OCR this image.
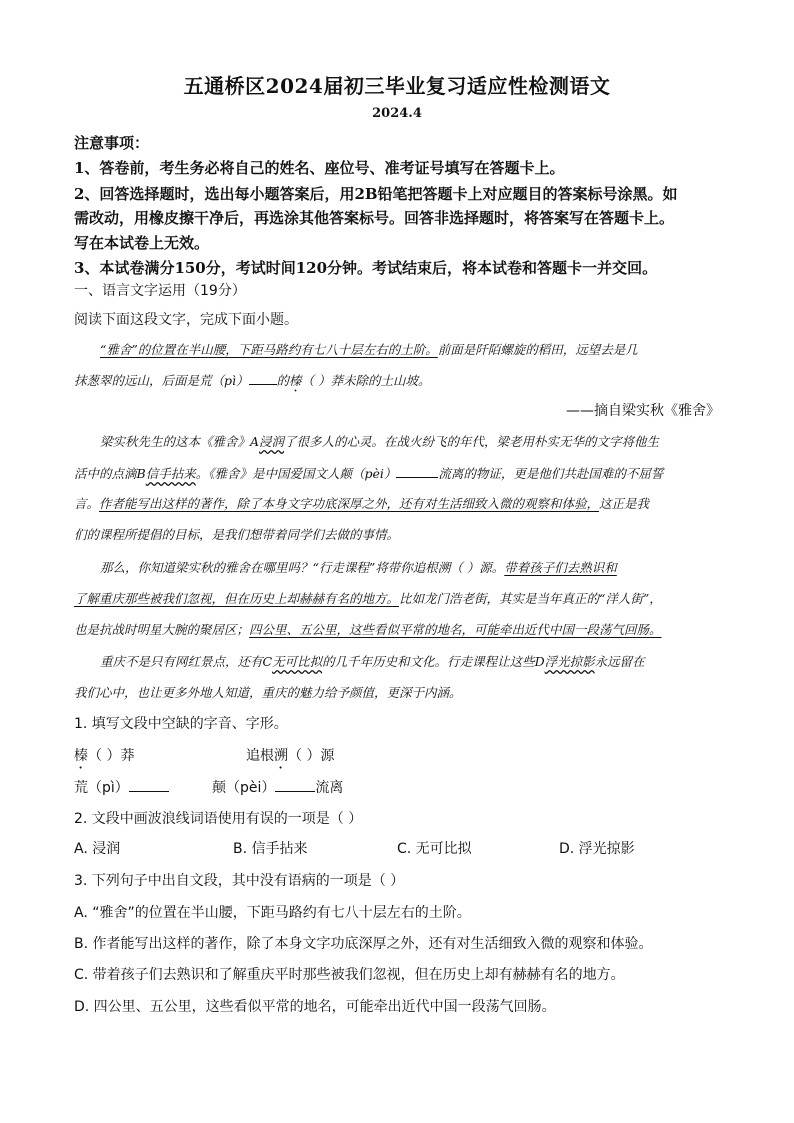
五通桥区2024届初三毕业复习适应性检测语文
2024.4
注意事项：
1、答卷前，考生务必将自己的姓名、座位号、准考证号填写在答题卡上。
2、回答选择题时，选出每小题答案后，用2B铅笔把答题卡上对应题目的答案标号涂黑。如
需改动，用橡皮擦干净后，再选涂其他答案标号。回答非选择题时，将答案写在答题卡上。
写在本试卷上无效。
3、本试卷满分150分，考试时间120分钟。考试结束后，将本试卷和答题卡一并交回。
一、语言文字运用（19分）
阅读下面这段文字，完成下面小题。
“雅舍”的位置在半山腰，下距马路约有七八十层左右的土阶。前面是阡陌螺旋的稻田，远望去是几
抹葱翠的远山，后面是荒（pì） 的榛（ ）莽未除的土山坡。
——摘自梁实秋《雅舍》
梁实秋先生的这本《雅舍》A浸润了很多人的心灵。在战火纷飞的年代，梁老用朴实无华的文字将他生
活中的点滴B信手拈来。《雅舍》是中国爱国文人颠（pèi）	流离的物证，更是他们共赴国难的不屈誓
言。作者能写出这样的著作，除了本身文字功底深厚之外，还有对生活细致入微的观察和体验，这正是我
们的课程所提倡的目标，是我们想带着同学们去做的事情。
那么，你知道梁实秋的雅舍在哪里吗？“行走课程”将带你追根溯（ ）源。带着孩子们去熟识和
了解重庆那些被我们忽视，但在历史上却赫赫有名的地方。比如龙门浩老街，其实是当年真正的“洋人街”，
也是抗战时明星大腕的聚居区；四公里、五公里，这些看似平常的地名，可能牵出近代中国一段荡气回肠。
重庆不是只有网红景点，还有C无可比拟的几千年历史和文化。行走课程让这些D浮光掠影永远留在
我们心中，也让更多外地人知道，重庆的魅力给予颜值，更深于内涵。
1. 填写文段中空缺的字音、字形。
榛（ ）莽	追根溯（ ）源
荒（pì）	颠（pèi）	流离
2. 文段中画波浪线词语使用有误的一项是（ ）
A. 浸润	B. 信手拈来	C. 无可比拟	D. 浮光掠影
3. 下列句子中出自文段，其中没有语病的一项是（ ）
A. “雅舍”的位置在半山腰，下距马路约有七八十层左右的土阶。
B. 作者能写出这样的著作，除了本身文字功底深厚之外，还有对生活细致入微的观察和体验。
C. 带着孩子们去熟识和了解重庆平时那些被我们忽视，但在历史上却有赫赫有名的地方。
D. 四公里、五公里，这些看似平常的地名，可能牵出近代中国一段荡气回肠。
